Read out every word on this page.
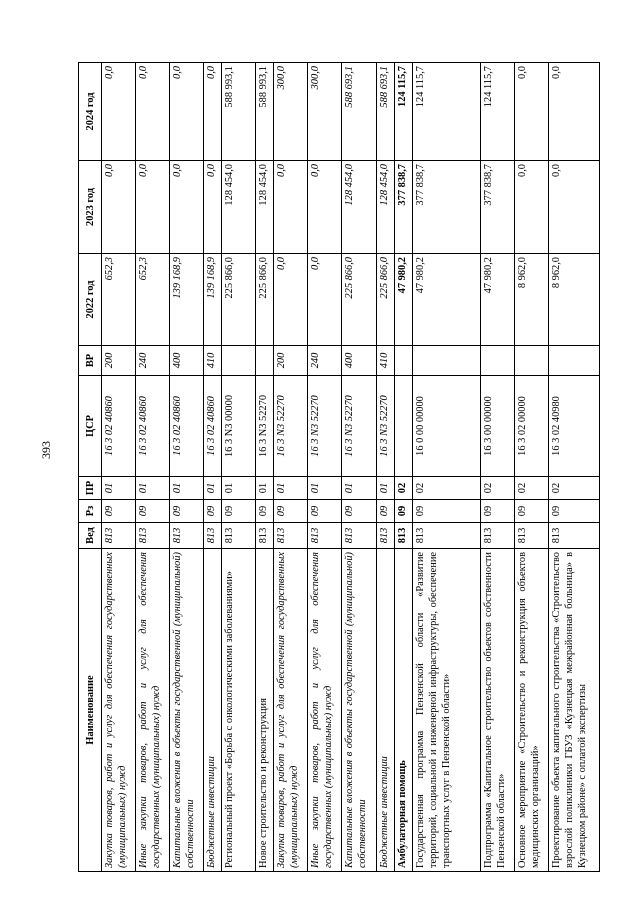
393
Наименование	Вед	Рз	ПР	ЦСР	ВР	2022 год	2023 год	2024 год
Закупка товаров, работ и услуг для обеспечения государственных (муниципальных) нужд	813	09	01	16 3 02 40860	200	652,3	0,0	0,0
Иные закупки товаров, работ и услуг для обеспечения государственных (муниципальных) нужд	813	09	01	16 3 02 40860	240	652,3	0,0	0,0
Капитальные вложения в объекты государственной (муниципальной) собственности	813	09	01	16 3 02 40860	400	139 168,9	0,0	0,0
Бюджетные инвестиции	813	09	01	16 3 02 40860	410	139 168,9	0,0	0,0
Региональный проект «Борьба с онкологическими заболеваниями»	813	09	01	16 3 N3 00000		225 866,0	128 454,0	588 993,1
Новое строительство и реконструкция	813	09	01	16 3 N3 52270		225 866,0	128 454,0	588 993,1
Закупка товаров, работ и услуг для обеспечения государственных (муниципальных) нужд	813	09	01	16 3 N3 52270	200	0,0	0,0	300,0
Иные закупки товаров, работ и услуг для обеспечения государственных (муниципальных) нужд	813	09	01	16 3 N3 52270	240	0,0	0,0	300,0
Капитальные вложения в объекты государственной (муниципальной) собственности	813	09	01	16 3 N3 52270	400	225 866,0	128 454,0	588 693,1
Бюджетные инвестиции	813	09	01	16 3 N3 52270	410	225 866,0	128 454,0	588 693,1
Амбулаторная помощь	813	09	02			47 980,2	377 838,7	124 115,7
Государственная программа Пензенской области «Развитие территорий, социальной и инженерной инфраструктуры, обеспечение транспортных услуг в Пензенской области»	813	09	02	16 0 00 00000		47 980,2	377 838,7	124 115,7
Подпрограмма «Капитальное строительство объектов собственности Пензенской области»	813	09	02	16 3 00 00000		47 980,2	377 838,7	124 115,7
Основное мероприятие «Строительство и реконструкция объектов медицинских организаций»	813	09	02	16 3 02 00000		8 962,0	0,0	0,0
Проектирование объекта капитального строительства «Строительство взрослой поликлиники ГБУЗ «Кузнецкая межрайонная больница» в Кузнецком районе» с оплатой экспертизы	813	09	02	16 3 02 40980		8 962,0	0,0	0,0
